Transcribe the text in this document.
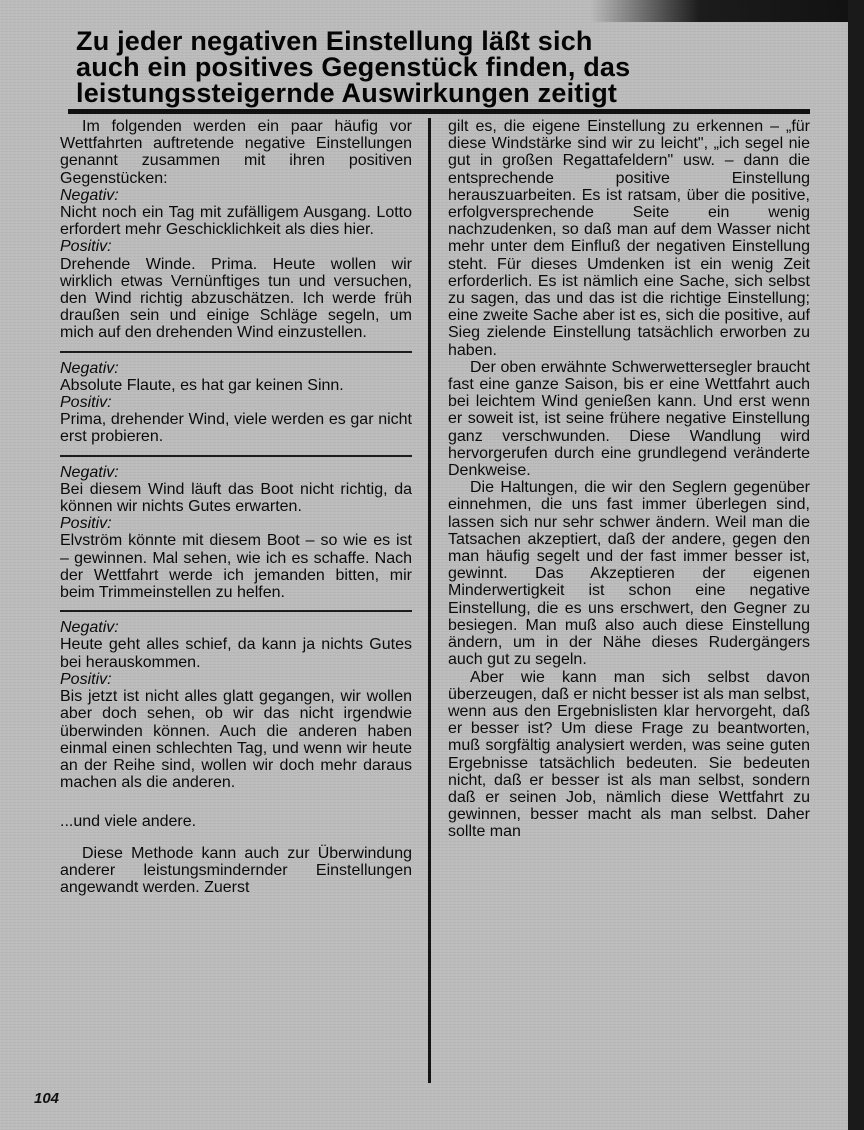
Zu jeder negativen Einstellung läßt sich
auch ein positives Gegenstück finden, das
leistungssteigernde Auswirkungen zeitigt

Im folgenden werden ein paar häufig vor Wettfahrten auftretende negative Einstellungen genannt zusammen mit ihren positiven Gegenstücken:

Negativ:

Nicht noch ein Tag mit zufälligem Ausgang. Lotto erfordert mehr Geschicklichkeit als dies hier.

Positiv:

Drehende Winde. Prima. Heute wollen wir wirklich etwas Vernünftiges tun und versuchen, den Wind richtig abzuschätzen. Ich werde früh draußen sein und einige Schläge segeln, um mich auf den drehenden Wind einzustellen.

Negativ:

Absolute Flaute, es hat gar keinen Sinn.

Positiv:

Prima, drehender Wind, viele werden es gar nicht erst probieren.

Negativ:

Bei diesem Wind läuft das Boot nicht richtig, da können wir nichts Gutes erwarten.

Positiv:

Elvström könnte mit diesem Boot – so wie es ist – gewinnen. Mal sehen, wie ich es schaffe. Nach der Wettfahrt werde ich jemanden bitten, mir beim Trimmeinstellen zu helfen.

Negativ:

Heute geht alles schief, da kann ja nichts Gutes bei herauskommen.

Positiv:

Bis jetzt ist nicht alles glatt gegangen, wir wollen aber doch sehen, ob wir das nicht irgendwie überwinden können. Auch die anderen haben einmal einen schlechten Tag, und wenn wir heute an der Reihe sind, wollen wir doch mehr daraus machen als die anderen.

...und viele andere.

Diese Methode kann auch zur Überwindung anderer leistungsmindernder Einstellungen angewandt werden. Zuerst

gilt es, die eigene Einstellung zu erkennen – „für diese Windstärke sind wir zu leicht", „ich segel nie gut in großen Regattafeldern" usw. – dann die entsprechende positive Einstellung herauszuarbeiten. Es ist ratsam, über die positive, erfolgversprechende Seite ein wenig nachzudenken, so daß man auf dem Wasser nicht mehr unter dem Einfluß der negativen Einstellung steht. Für dieses Umdenken ist ein wenig Zeit erforderlich. Es ist nämlich eine Sache, sich selbst zu sagen, das und das ist die richtige Einstellung; eine zweite Sache aber ist es, sich die positive, auf Sieg zielende Einstellung tatsächlich erworben zu haben.

Der oben erwähnte Schwerwettersegler braucht fast eine ganze Saison, bis er eine Wettfahrt auch bei leichtem Wind genießen kann. Und erst wenn er soweit ist, ist seine frühere negative Einstellung ganz verschwunden. Diese Wandlung wird hervorgerufen durch eine grundlegend veränderte Denkweise.

Die Haltungen, die wir den Seglern gegenüber einnehmen, die uns fast immer überlegen sind, lassen sich nur sehr schwer ändern. Weil man die Tatsachen akzeptiert, daß der andere, gegen den man häufig segelt und der fast immer besser ist, gewinnt. Das Akzeptieren der eigenen Minderwertigkeit ist schon eine negative Einstellung, die es uns erschwert, den Gegner zu besiegen. Man muß also auch diese Einstellung ändern, um in der Nähe dieses Rudergängers auch gut zu segeln.

Aber wie kann man sich selbst davon überzeugen, daß er nicht besser ist als man selbst, wenn aus den Ergebnislisten klar hervorgeht, daß er besser ist? Um diese Frage zu beantworten, muß sorgfältig analysiert werden, was seine guten Ergebnisse tatsächlich bedeuten. Sie bedeuten nicht, daß er besser ist als man selbst, sondern daß er seinen Job, nämlich diese Wettfahrt zu gewinnen, besser macht als man selbst. Daher sollte man

104
